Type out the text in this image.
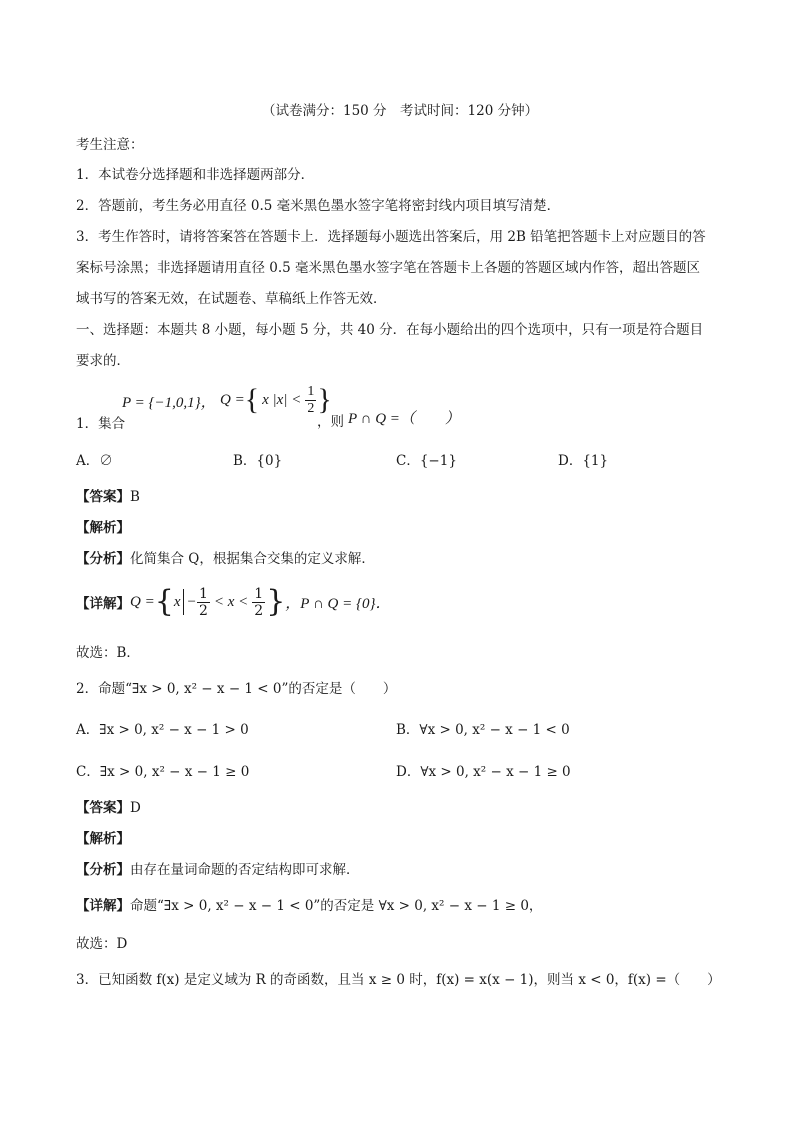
（试卷满分：150 分　考试时间：120 分钟）
考生注意：
1．本试卷分选择题和非选择题两部分．
2．答题前，考生务必用直径 0.5 毫米黑色墨水签字笔将密封线内项目填写清楚．
3．考生作答时，请将答案答在答题卡上．选择题每小题选出答案后，用 2B 铅笔把答题卡上对应题目的答
案标号涂黑；非选择题请用直径 0.5 毫米黑色墨水签字笔在答题卡上各题的答题区域内作答，超出答题区
域书写的答案无效，在试题卷、草稿纸上作答无效．
一、选择题：本题共 8 小题，每小题 5 分，共 40 分．在每小题给出的四个选项中，只有一项是符合题目
要求的．
1．集合
P = {−1,0,1}， Q = { x $|x| < \frac{1}{2}$ }
，则 P ∩ Q =（　　）
A．∅	B．{0}	C．{−1}	D．{1}
【答案】B
【解析】
【分析】化简集合 Q，根据集合交集的定义求解．
【详解】 Q = { $x - \frac{1}{2} < x < \frac{1}{2}$ } ，P ∩ Q = {0}．
故选：B．
2．命题“∃x > 0, x² − x − 1 < 0”的否定是（　　）
A．∃x > 0, x² − x − 1 > 0	B．∀x > 0, x² − x − 1 < 0
C．∃x > 0, x² − x − 1 ≥ 0	D．∀x > 0, x² − x − 1 ≥ 0
【答案】D
【解析】
【分析】由存在量词命题的否定结构即可求解．
【详解】命题“∃x > 0, x² − x − 1 < 0”的否定是 ∀x > 0, x² − x − 1 ≥ 0，
故选：D
3．已知函数 f(x) 是定义域为 R 的奇函数，且当 x ≥ 0 时，f(x) = x(x − 1)，则当 x < 0，f(x) =（　　）
